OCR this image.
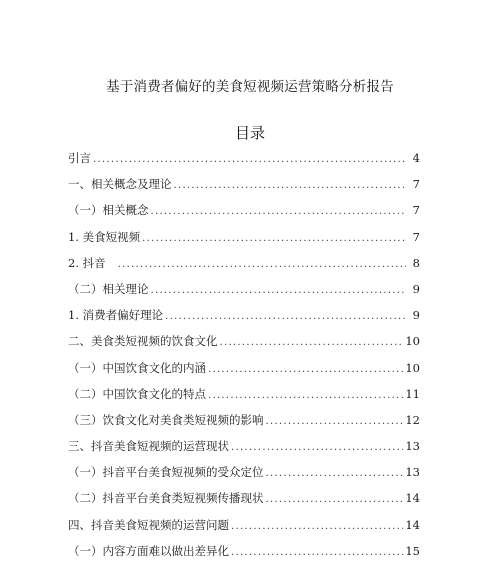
基于消费者偏好的美食短视频运营策略分析报告
目录
引言 .....	4
一、相关概念及理论 .....	7
（一）相关概念 .....	7
1. 美食短视频 .....	7
2. 抖音 .....	8
（二）相关理论 .....	9
1. 消费者偏好理论 .....	9
二、美食类短视频的饮食文化 .....	10
（一）中国饮食文化的内涵 .....	10
（二）中国饮食文化的特点 .....	11
（三）饮食文化对美食类短视频的影响 .....	12
三、抖音美食短视频的运营现状 .....	13
（一）抖音平台美食短视频的受众定位 .....	13
（二）抖音平台美食类短视频传播现状 .....	14
四、抖音美食短视频的运营问题 .....	14
（一）内容方面难以做出差异化 .....	15
